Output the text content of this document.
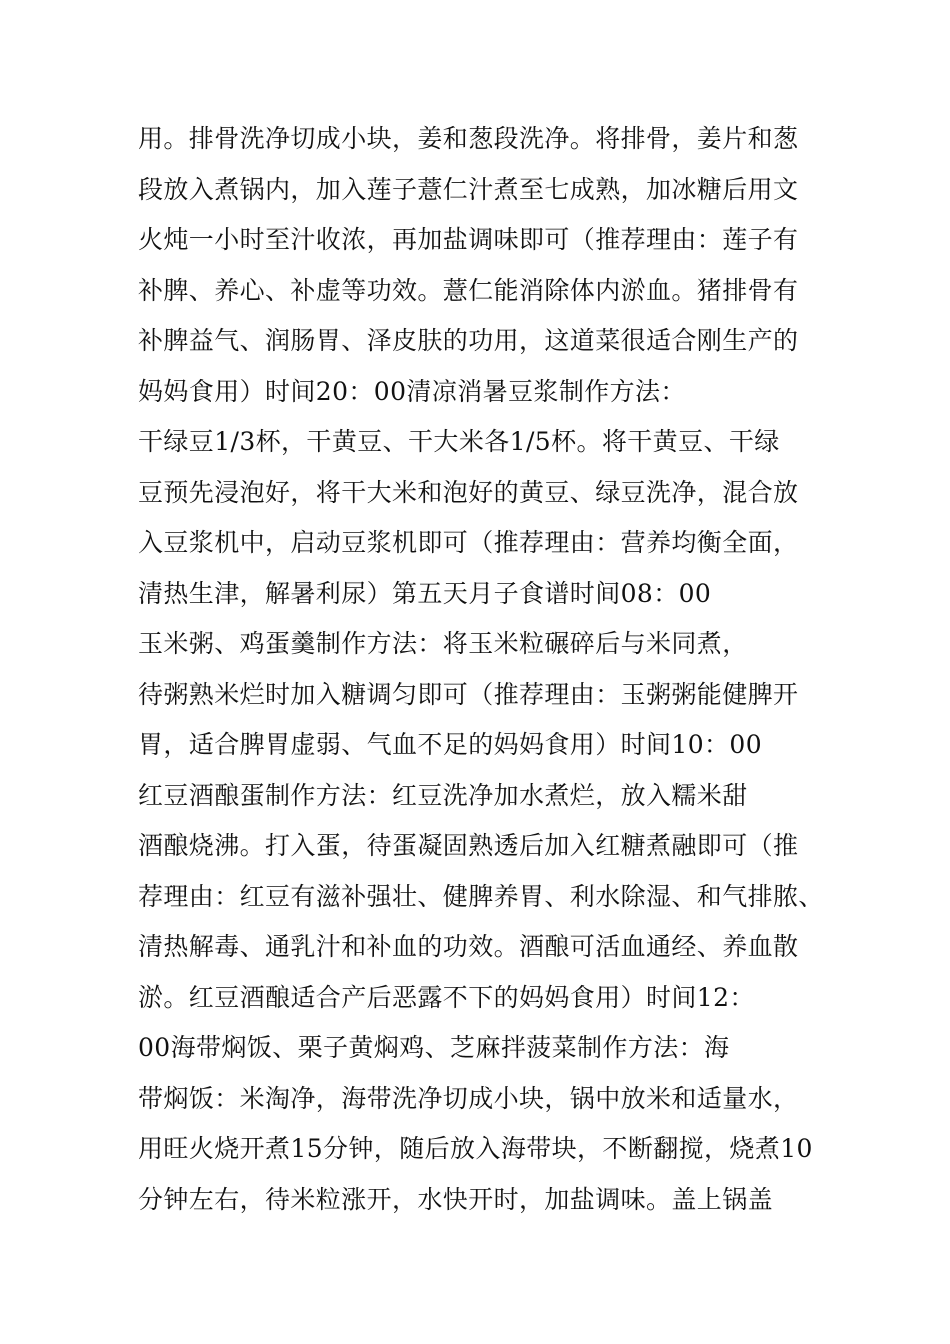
用。排骨洗净切成小块，姜和葱段洗净。将排骨，姜片和葱
段放入煮锅内，加入莲子薏仁汁煮至七成熟，加冰糖后用文
火炖一小时至汁收浓，再加盐调味即可（推荐理由：莲子有
补脾、养心、补虚等功效。薏仁能消除体内淤血。猪排骨有
补脾益气、润肠胃、泽皮肤的功用，这道菜很适合刚生产的
妈妈食用）时间20：00清凉消暑豆浆制作方法：
干绿豆1/3杯，干黄豆、干大米各1/5杯。将干黄豆、干绿
豆预先浸泡好，将干大米和泡好的黄豆、绿豆洗净，混合放
入豆浆机中，启动豆浆机即可（推荐理由：营养均衡全面，
清热生津，解暑利尿）第五天月子食谱时间08：00
玉米粥、鸡蛋羹制作方法：将玉米粒碾碎后与米同煮，
待粥熟米烂时加入糖调匀即可（推荐理由：玉粥粥能健脾开
胃，适合脾胃虚弱、气血不足的妈妈食用）时间10：00
红豆酒酿蛋制作方法：红豆洗净加水煮烂，放入糯米甜
酒酿烧沸。打入蛋，待蛋凝固熟透后加入红糖煮融即可（推
荐理由：红豆有滋补强壮、健脾养胃、利水除湿、和气排脓、
清热解毒、通乳汁和补血的功效。酒酿可活血通经、养血散
淤。红豆酒酿适合产后恶露不下的妈妈食用）时间12：
00海带焖饭、栗子黄焖鸡、芝麻拌菠菜制作方法：海
带焖饭：米淘净，海带洗净切成小块，锅中放米和适量水，
用旺火烧开煮15分钟，随后放入海带块，不断翻搅，烧煮10
分钟左右，待米粒涨开，水快开时，加盐调味。盖上锅盖
